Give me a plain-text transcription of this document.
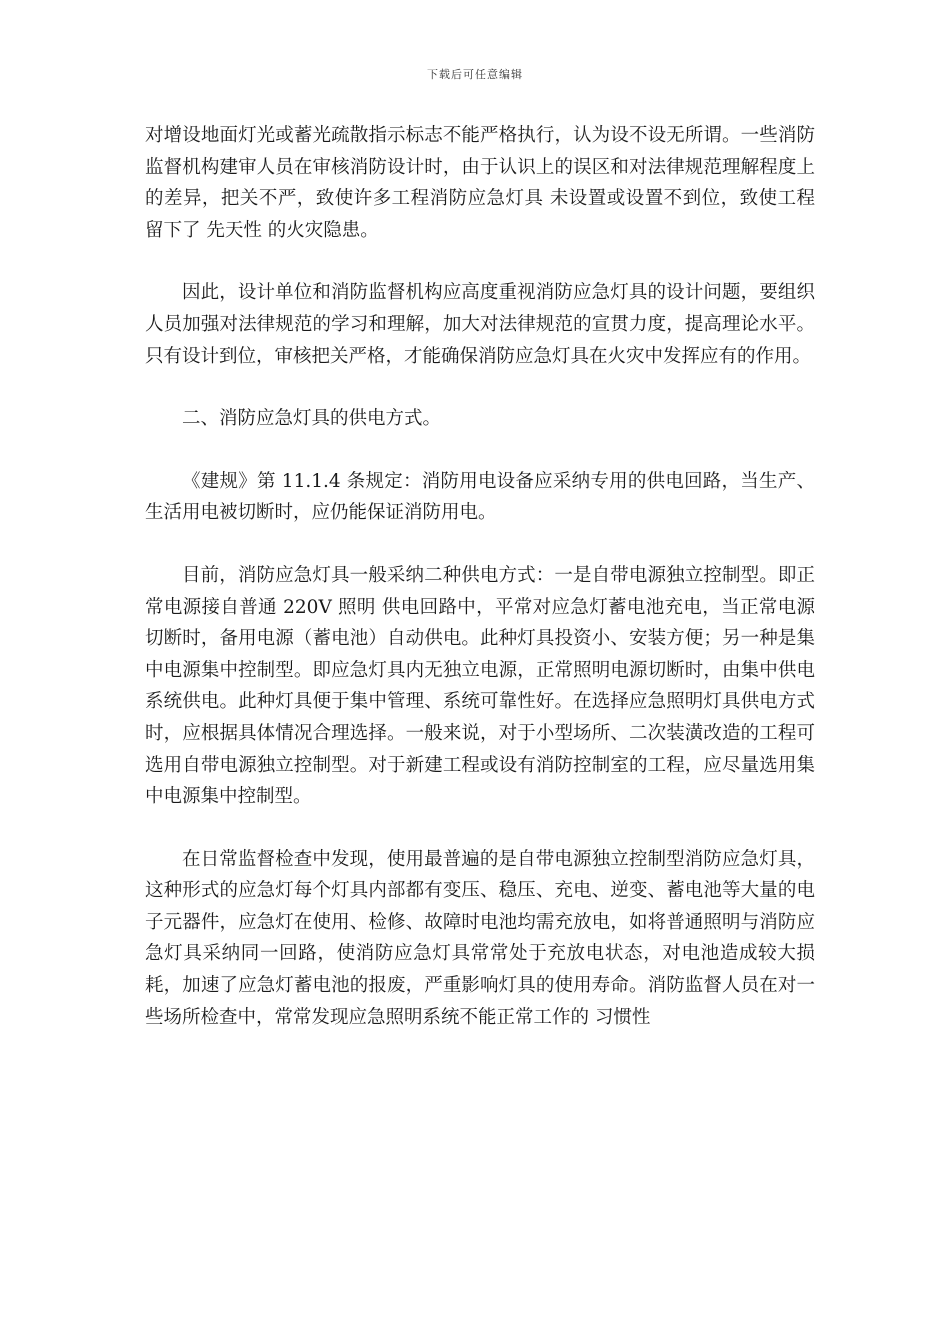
下载后可任意编辑

对增设地面灯光或蓄光疏散指示标志不能严格执行，认为设不设无所谓。一些消防监督机构建审人员在审核消防设计时，由于认识上的误区和对法律规范理解程度上的差异，把关不严，致使许多工程消防应急灯具 未设置或设置不到位，致使工程留下了 先天性 的火灾隐患。

因此，设计单位和消防监督机构应高度重视消防应急灯具的设计问题，要组织人员加强对法律规范的学习和理解，加大对法律规范的宣贯力度，提高理论水平。只有设计到位，审核把关严格，才能确保消防应急灯具在火灾中发挥应有的作用。

二、消防应急灯具的供电方式。

《建规》第 11.1.4 条规定：消防用电设备应采纳专用的供电回路，当生产、生活用电被切断时，应仍能保证消防用电。

目前，消防应急灯具一般采纳二种供电方式：一是自带电源独立控制型。即正常电源接自普通 220V 照明 供电回路中，平常对应急灯蓄电池充电，当正常电源切断时，备用电源（蓄电池）自动供电。此种灯具投资小、安装方便；另一种是集中电源集中控制型。即应急灯具内无独立电源，正常照明电源切断时，由集中供电系统供电。此种灯具便于集中管理、系统可靠性好。在选择应急照明灯具供电方式时，应根据具体情况合理选择。一般来说，对于小型场所、二次装潢改造的工程可选用自带电源独立控制型。对于新建工程或设有消防控制室的工程，应尽量选用集中电源集中控制型。

在日常监督检查中发现，使用最普遍的是自带电源独立控制型消防应急灯具，这种形式的应急灯每个灯具内部都有变压、稳压、充电、逆变、蓄电池等大量的电子元器件，应急灯在使用、检修、故障时电池均需充放电，如将普通照明与消防应急灯具采纳同一回路，使消防应急灯具常常处于充放电状态，对电池造成较大损耗，加速了应急灯蓄电池的报废，严重影响灯具的使用寿命。消防监督人员在对一些场所检查中，常常发现应急照明系统不能正常工作的 习惯性
